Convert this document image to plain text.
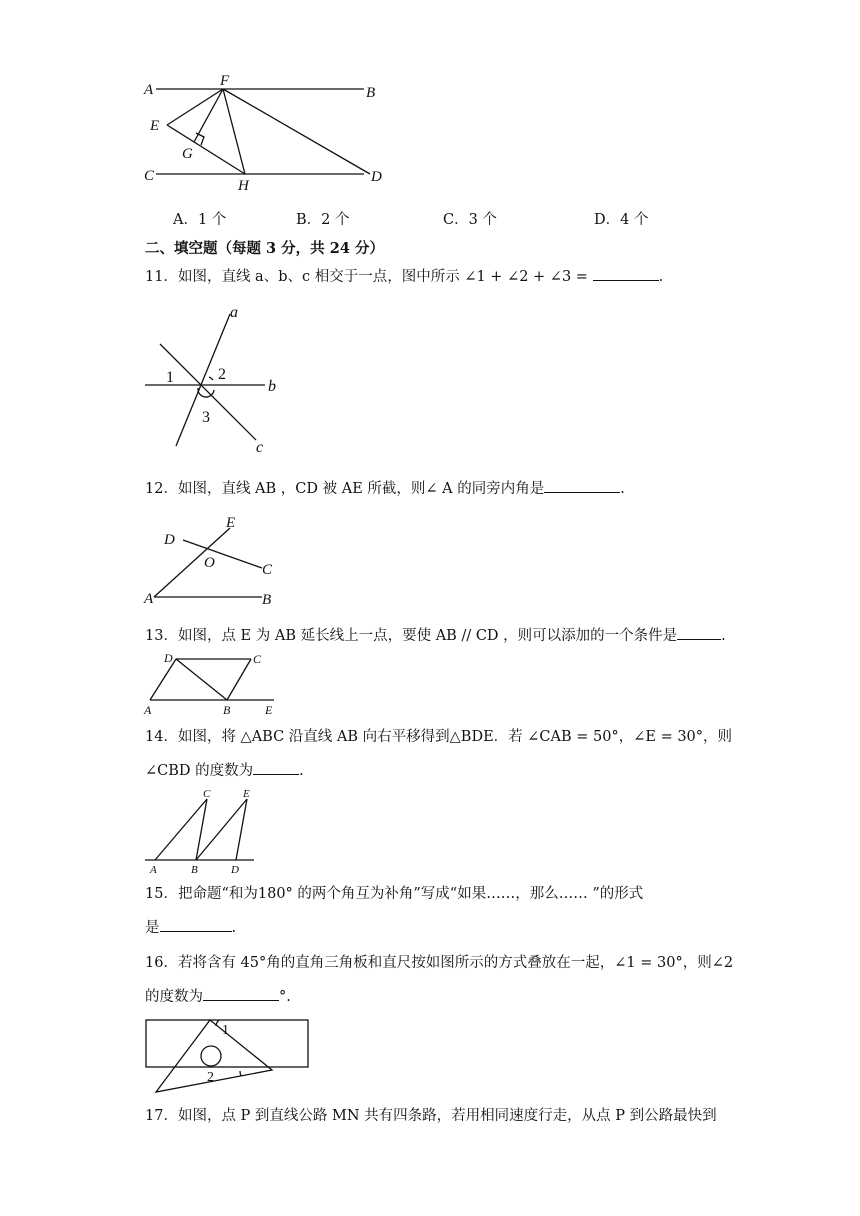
A	B
C	D
E
F
G
H
A．1 个	B．2 个	C．3 个	D．4 个
二、填空题（每题 3 分，共 24 分）
11．如图，直线 a、b、c 相交于一点，图中所示 ∠1 + ∠2 + ∠3 =	.
a
b
c
1	2
3
12．如图，直线 AB ，CD 被 AE 所截，则∠ A 的同旁内角是	.
D
E
O	C
A	B
13．如图，点 E 为 AB 延长线上一点，要使 AB // CD ，则可以添加的一个条件是	.
D	C
A	B	E
14．如图，将 △ABC 沿直线 AB 向右平移得到△BDE．若 ∠CAB = 50°，∠E = 30°，则
∠CBD 的度数为	.
C	E
A	B	D
15．把命题“和为180° 的两个角互为补角”写成“如果……，那么…… ”的形式
是	.
16．若将含有 45°角的直角三角板和直尺按如图所示的方式叠放在一起，∠1 = 30°，则∠2
的度数为	°.
1
2
17．如图，点 P 到直线公路 MN 共有四条路，若用相同速度行走，从点 P 到公路最快到
